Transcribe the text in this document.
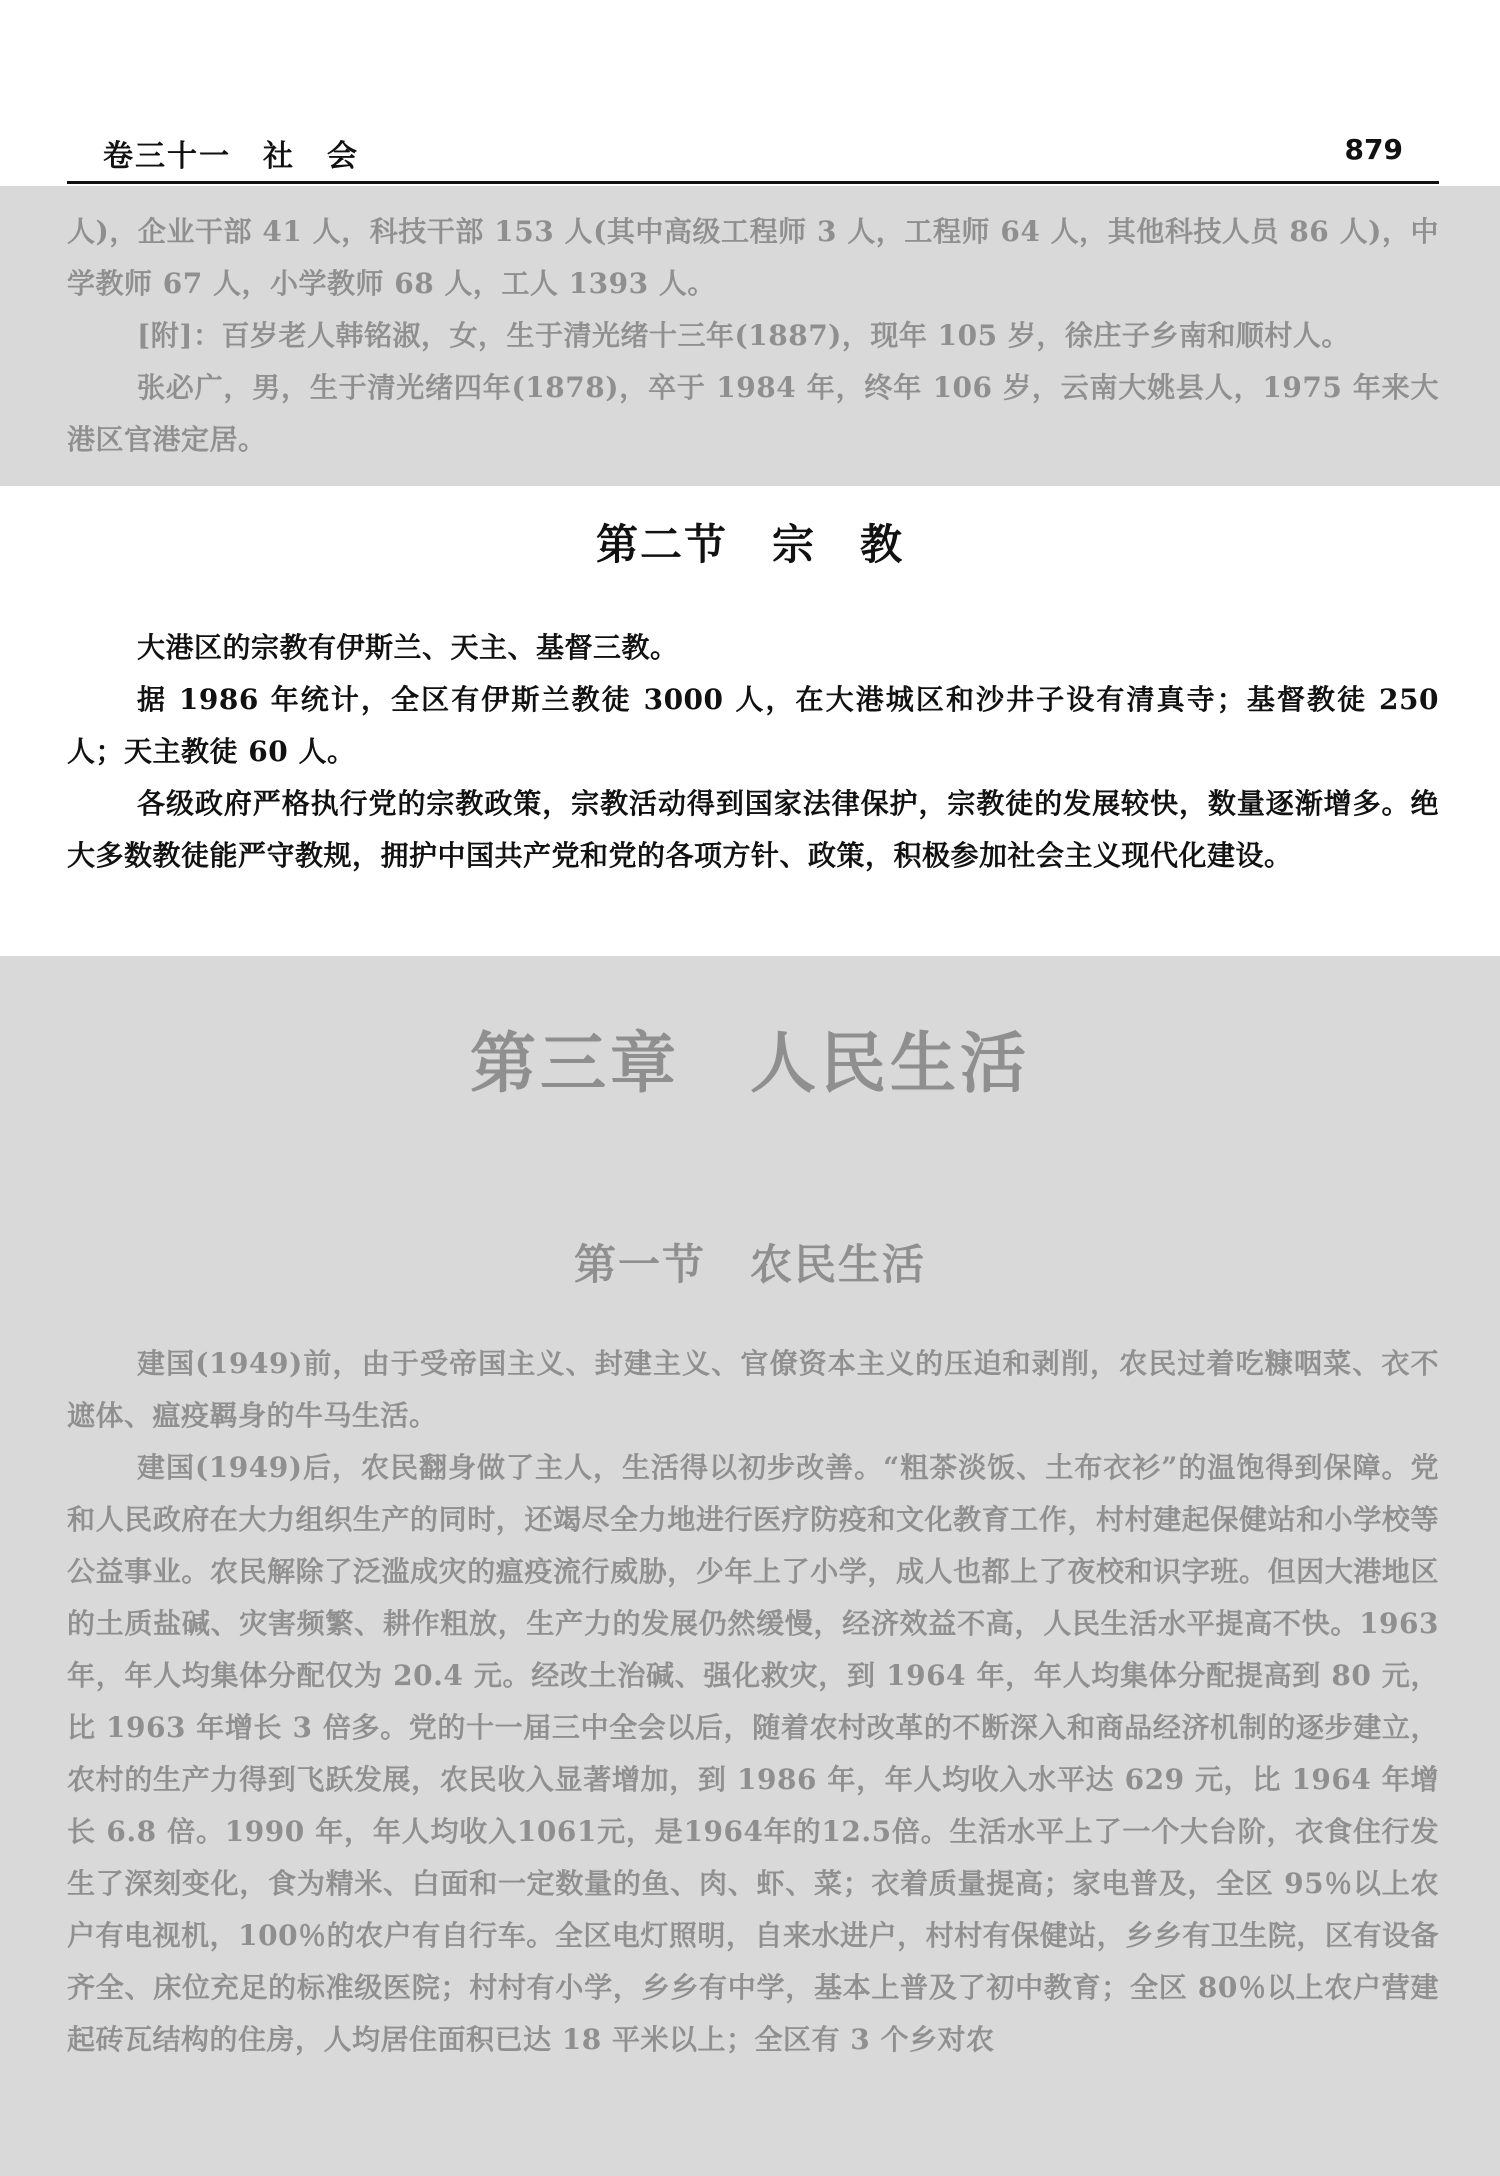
卷三十一　社　会	879
人)，企业干部 41 人，科技干部 153 人(其中高级工程师 3 人，工程师 64 人，其他科技人员 86 人)，中学教师 67 人，小学教师 68 人，工人 1393 人。
[附]：百岁老人韩铭淑，女，生于清光绪十三年(1887)，现年 105 岁，徐庄子乡南和顺村人。
张必广，男，生于清光绪四年(1878)，卒于 1984 年，终年 106 岁，云南大姚县人，1975 年来大港区官港定居。
第二节　宗　教
大港区的宗教有伊斯兰、天主、基督三教。
据 1986 年统计，全区有伊斯兰教徒 3000 人，在大港城区和沙井子设有清真寺；基督教徒 250 人；天主教徒 60 人。
各级政府严格执行党的宗教政策，宗教活动得到国家法律保护，宗教徒的发展较快，数量逐渐增多。绝大多数教徒能严守教规，拥护中国共产党和党的各项方针、政策，积极参加社会主义现代化建设。
第三章　人民生活
第一节　农民生活
建国(1949)前，由于受帝国主义、封建主义、官僚资本主义的压迫和剥削，农民过着吃糠咽菜、衣不遮体、瘟疫羁身的牛马生活。
建国(1949)后，农民翻身做了主人，生活得以初步改善。“粗茶淡饭、土布衣衫”的温饱得到保障。党和人民政府在大力组织生产的同时，还竭尽全力地进行医疗防疫和文化教育工作，村村建起保健站和小学校等公益事业。农民解除了泛滥成灾的瘟疫流行威胁，少年上了小学，成人也都上了夜校和识字班。但因大港地区的土质盐碱、灾害频繁、耕作粗放，生产力的发展仍然缓慢，经济效益不高，人民生活水平提高不快。1963 年，年人均集体分配仅为 20.4 元。经改土治碱、强化救灾，到 1964 年，年人均集体分配提高到 80 元，比 1963 年增长 3 倍多。党的十一届三中全会以后，随着农村改革的不断深入和商品经济机制的逐步建立，农村的生产力得到飞跃发展，农民收入显著增加，到 1986 年，年人均收入水平达 629 元，比 1964 年增长 6.8 倍。1990 年，年人均收入1061元，是1964年的12.5倍。生活水平上了一个大台阶，衣食住行发生了深刻变化，食为精米、白面和一定数量的鱼、肉、虾、菜；衣着质量提高；家电普及，全区 95％以上农户有电视机，100％的农户有自行车。全区电灯照明，自来水进户，村村有保健站，乡乡有卫生院，区有设备齐全、床位充足的标准级医院；村村有小学，乡乡有中学，基本上普及了初中教育；全区 80％以上农户营建起砖瓦结构的住房，人均居住面积已达 18 平米以上；全区有 3 个乡对农
